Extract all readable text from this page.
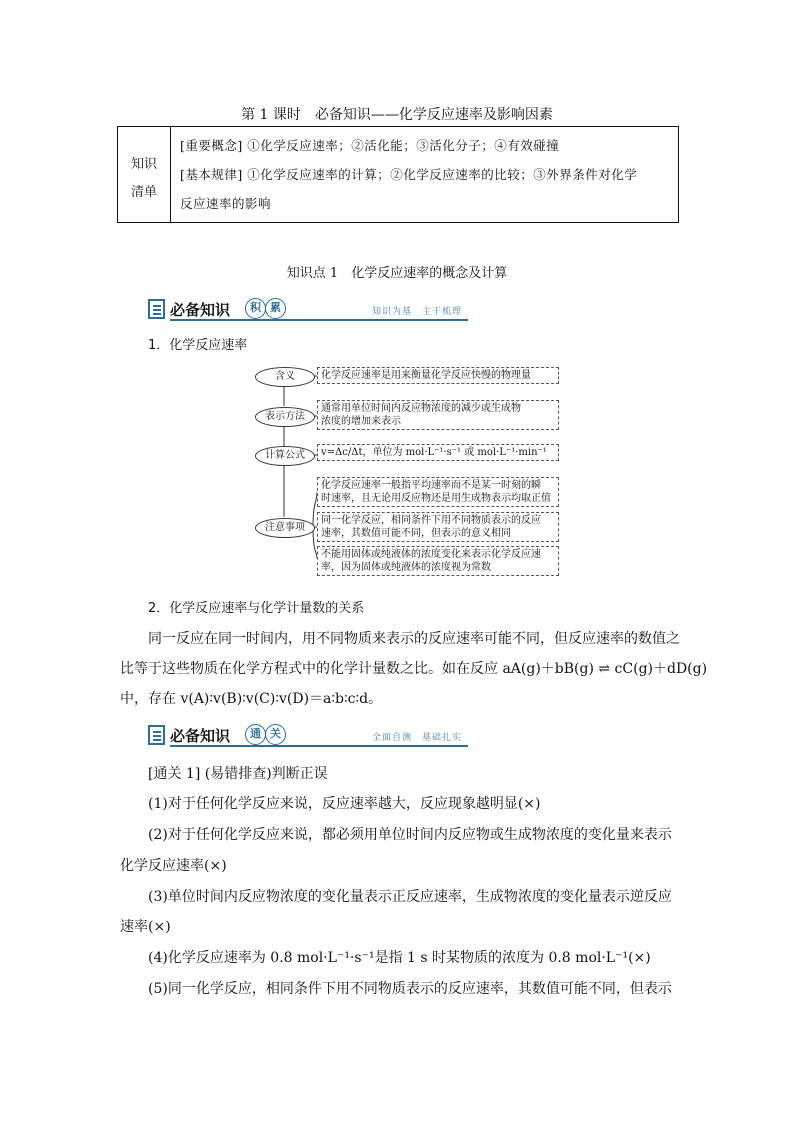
第 1 课时　必备知识——化学反应速率及影响因素
知识
清单
[重要概念] ①化学反应速率；②活化能；③活化分子；④有效碰撞
[基本规律] ①化学反应速率的计算；②化学反应速率的比较；③外界条件对化学
反应速率的影响
知识点 1　化学反应速率的概念及计算
必备知识	积 累	知识为基　主干梳理
1．化学反应速率
含义
表示方法
计算公式
注意事项
化学反应速率是用来衡量化学反应快慢的物理量
通常用单位时间内反应物浓度的减少或生成物
浓度的增加来表示
v=Δc/Δt，单位为 mol·L⁻¹·s⁻¹ 或 mol·L⁻¹·min⁻¹
化学反应速率一般指平均速率而不是某一时刻的瞬
时速率，且无论用反应物还是用生成物表示均取正值
同一化学反应，相同条件下用不同物质表示的反应
速率，其数值可能不同，但表示的意义相同
不能用固体或纯液体的浓度变化来表示化学反应速
率，因为固体或纯液体的浓度视为常数
2．化学反应速率与化学计量数的关系
同一反应在同一时间内，用不同物质来表示的反应速率可能不同，但反应速率的数值之
比等于这些物质在化学方程式中的化学计量数之比。如在反应 aA(g)＋bB(g) ⇌ cC(g)＋dD(g)
中，存在 v(A)∶v(B)∶v(C)∶v(D)＝a∶b∶c∶d。
必备知识	通 关	全面自测　基础扎实
[通关 1] (易错排查)判断正误
(1)对于任何化学反应来说，反应速率越大，反应现象越明显(×)
(2)对于任何化学反应来说，都必须用单位时间内反应物或生成物浓度的变化量来表示
化学反应速率(×)
(3)单位时间内反应物浓度的变化量表示正反应速率，生成物浓度的变化量表示逆反应
速率(×)
(4)化学反应速率为 0.8 mol·L⁻¹·s⁻¹是指 1 s 时某物质的浓度为 0.8 mol·L⁻¹(×)
(5)同一化学反应，相同条件下用不同物质表示的反应速率，其数值可能不同，但表示
